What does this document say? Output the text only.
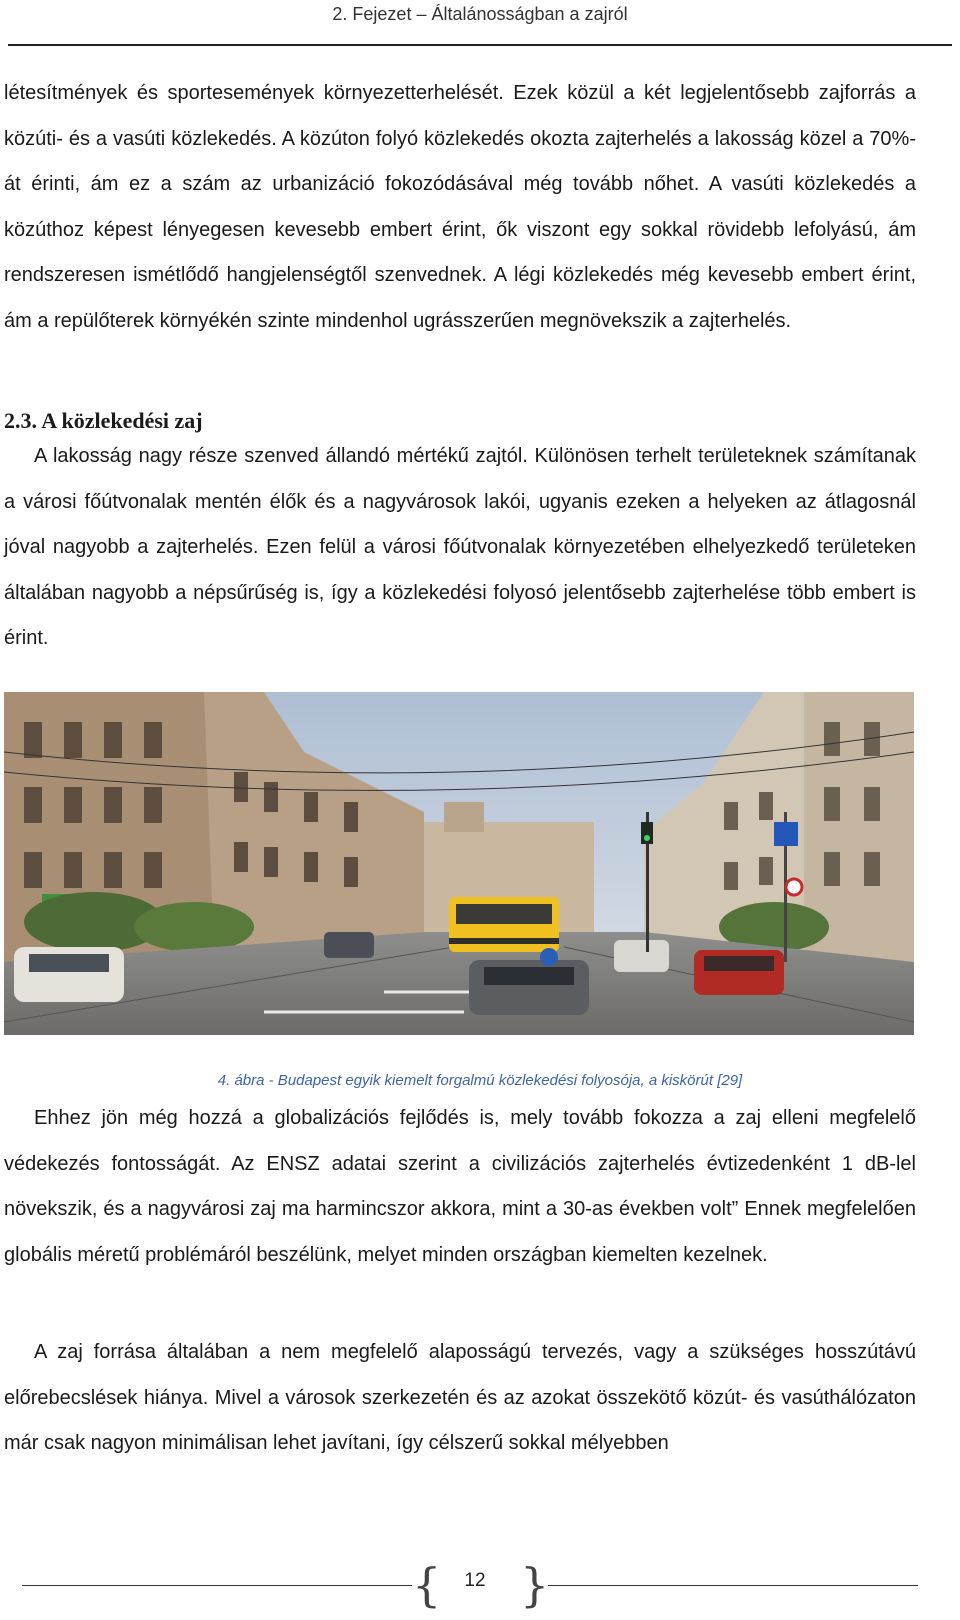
2. Fejezet – Általánosságban a zajról

létesítmények és sportesemények környezetterhelését. Ezek közül a két legjelentősebb zajforrás a közúti- és a vasúti közlekedés. A közúton folyó közlekedés okozta zajterhelés a lakosság közel a 70%-át érinti, ám ez a szám az urbanizáció fokozódásával még tovább nőhet. A vasúti közlekedés a közúthoz képest lényegesen kevesebb embert érint, ők viszont egy sokkal rövidebb lefolyású, ám rendszeresen ismétlődő hangjelenségtől szenvednek. A légi közlekedés még kevesebb embert érint, ám a repülőterek környékén szinte mindenhol ugrásszerűen megnövekszik a zajterhelés.

2.3. A közlekedési zaj

A lakosság nagy része szenved állandó mértékű zajtól. Különösen terhelt területeknek számítanak a városi főútvonalak mentén élők és a nagyvárosok lakói, ugyanis ezeken a helyeken az átlagosnál jóval nagyobb a zajterhelés. Ezen felül a városi főútvonalak környezetében elhelyezkedő területeken általában nagyobb a népsűrűség is, így a közlekedési folyosó jelentősebb zajterhelése több embert is érint.

4. ábra - Budapest egyik kiemelt forgalmú közlekedési folyosója, a kiskörút [29]

Ehhez jön még hozzá a globalizációs fejlődés is, mely tovább fokozza a zaj elleni megfelelő védekezés fontosságát. Az ENSZ adatai szerint a civilizációs zajterhelés évtizedenként 1 dB-lel növekszik, és a nagyvárosi zaj ma harmincszor akkora, mint a 30-as években volt” Ennek megfelelően globális méretű problémáról beszélünk, melyet minden országban kiemelten kezelnek.

A zaj forrása általában a nem megfelelő alaposságú tervezés, vagy a szükséges hosszútávú előrebecslések hiánya. Mivel a városok szerkezetén és az azokat összekötő közút- és vasúthálózaton már csak nagyon minimálisan lehet javítani, így célszerű sokkal mélyebben

{	12 }
